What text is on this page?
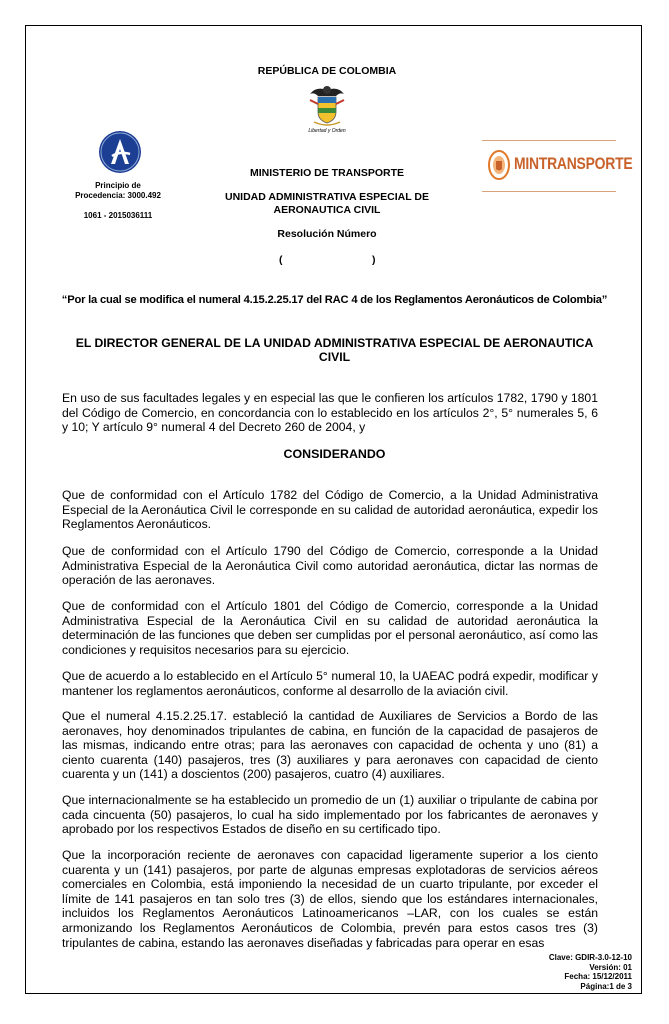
REPÚBLICA DE COLOMBIA
Libertad y Orden
Principio de
Procedencia: 3000.492
1061 - 2015036111
MINISTERIO DE TRANSPORTE
UNIDAD ADMINISTRATIVA ESPECIAL DE
AERONAUTICA CIVIL
Resolución Número
(	)
MINTRANSPORTE
“Por la cual se modifica el numeral 4.15.2.25.17 del RAC 4 de los Reglamentos Aeronáuticos de Colombia”
EL DIRECTOR GENERAL DE LA UNIDAD ADMINISTRATIVA ESPECIAL DE AERONAUTICA
CIVIL

En uso de sus facultades legales y en especial las que le confieren los artículos 1782, 1790 y 1801 del Código de Comercio, en concordancia con lo establecido en los artículos 2°, 5° numerales 5, 6 y 10; Y artículo 9° numeral 4 del Decreto 260 de 2004, y

CONSIDERANDO

Que de conformidad con el Artículo 1782 del Código de Comercio, a la Unidad Administrativa Especial de la Aeronáutica Civil le corresponde en su calidad de autoridad aeronáutica, expedir los Reglamentos Aeronáuticos.

Que de conformidad con el Artículo 1790 del Código de Comercio, corresponde a la Unidad Administrativa Especial de la Aeronáutica Civil como autoridad aeronáutica, dictar las normas de operación de las aeronaves.

Que de conformidad con el Artículo 1801 del Código de Comercio, corresponde a la Unidad Administrativa Especial de la Aeronáutica Civil en su calidad de autoridad aeronáutica la determinación de las funciones que deben ser cumplidas por el personal aeronáutico, así como las condiciones y requisitos necesarios para su ejercicio.

Que de acuerdo a lo establecido en el Artículo 5° numeral 10, la UAEAC podrá expedir, modificar y mantener los reglamentos aeronáuticos, conforme al desarrollo de la aviación civil.

Que el numeral 4.15.2.25.17. estableció la cantidad de Auxiliares de Servicios a Bordo de las aeronaves, hoy denominados tripulantes de cabina, en función de la capacidad de pasajeros de las mismas, indicando entre otras; para las aeronaves con capacidad de ochenta y uno (81) a ciento cuarenta (140) pasajeros, tres (3) auxiliares y para aeronaves con capacidad de ciento cuarenta y un (141) a doscientos (200) pasajeros, cuatro (4) auxiliares.

Que internacionalmente se ha establecido un promedio de un (1) auxiliar o tripulante de cabina por cada cincuenta (50) pasajeros, lo cual ha sido implementado por los fabricantes de aeronaves y aprobado por los respectivos Estados de diseño en su certificado tipo.

Que la incorporación reciente de aeronaves con capacidad ligeramente superior a los ciento cuarenta y un (141) pasajeros, por parte de algunas empresas explotadoras de servicios aéreos comerciales en Colombia, está imponiendo la necesidad de un cuarto tripulante, por exceder el límite de 141 pasajeros en tan solo tres (3) de ellos, siendo que los estándares internacionales, incluidos los Reglamentos Aeronáuticos Latinoamericanos –LAR, con los cuales se están armonizando los Reglamentos Aeronáuticos de Colombia, prevén para estos casos tres (3) tripulantes de cabina, estando las aeronaves diseñadas y fabricadas para operar en esas

Clave: GDIR-3.0-12-10
Versión: 01
Fecha: 15/12/2011
Página:1 de 3
